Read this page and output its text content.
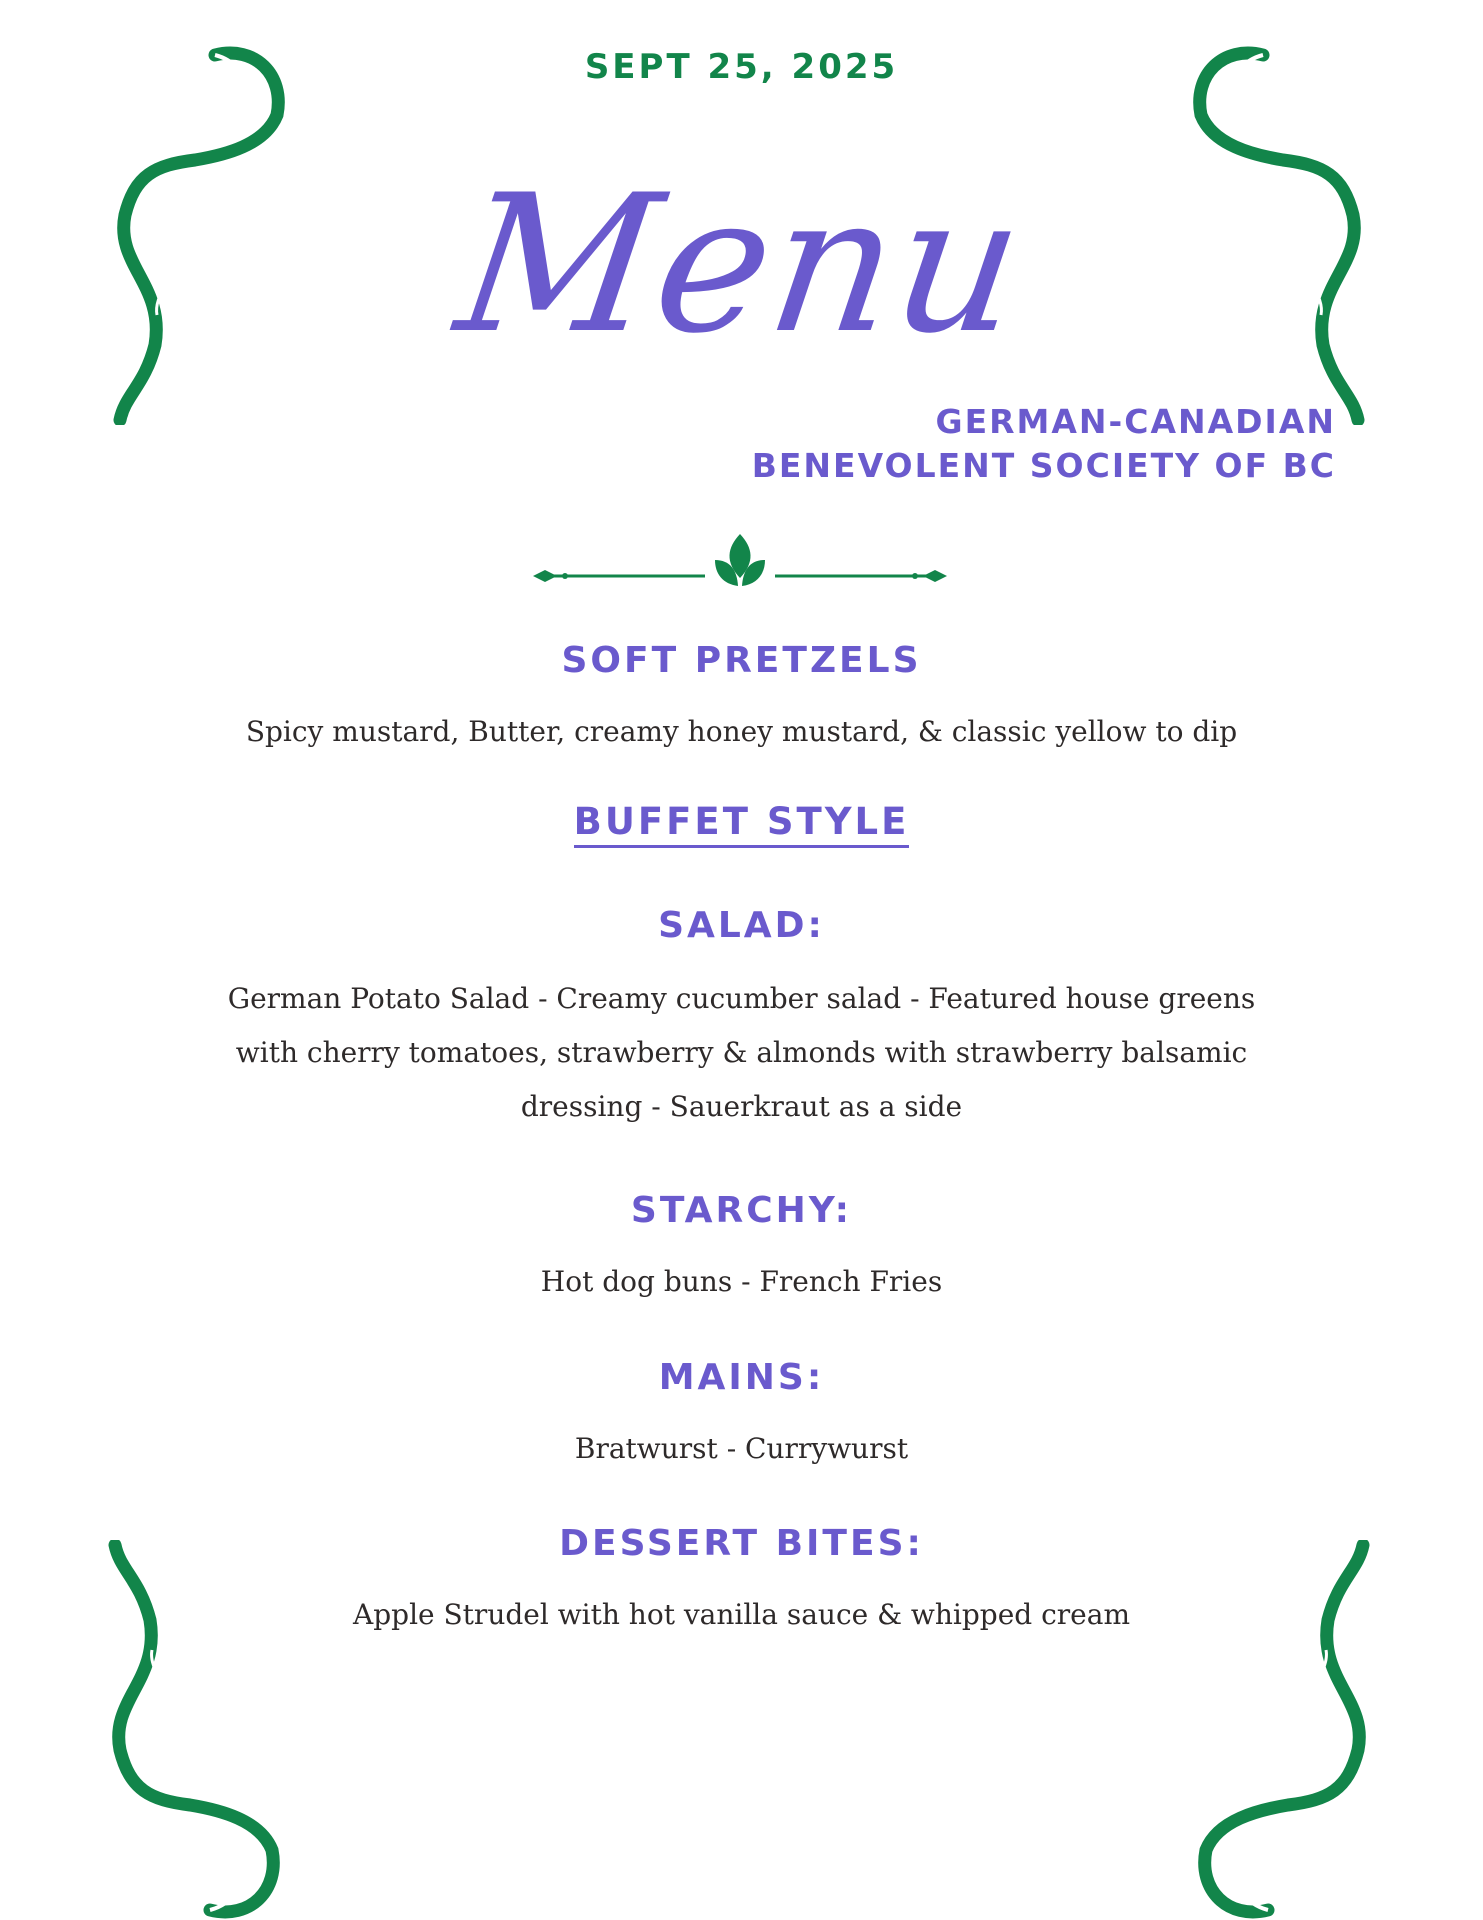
SEPT 25, 2025
Menu
GERMAN-CANADIAN
BENEVOLENT SOCIETY OF BC
SOFT PRETZELS
Spicy mustard, Butter, creamy honey mustard, & classic yellow to dip
BUFFET STYLE
SALAD:
German Potato Salad - Creamy cucumber salad - Featured house greens with cherry tomatoes, strawberry & almonds with strawberry balsamic dressing - Sauerkraut as a side
STARCHY:
Hot dog buns - French Fries
MAINS:
Bratwurst - Currywurst
DESSERT BITES:
Apple Strudel with hot vanilla sauce & whipped cream
